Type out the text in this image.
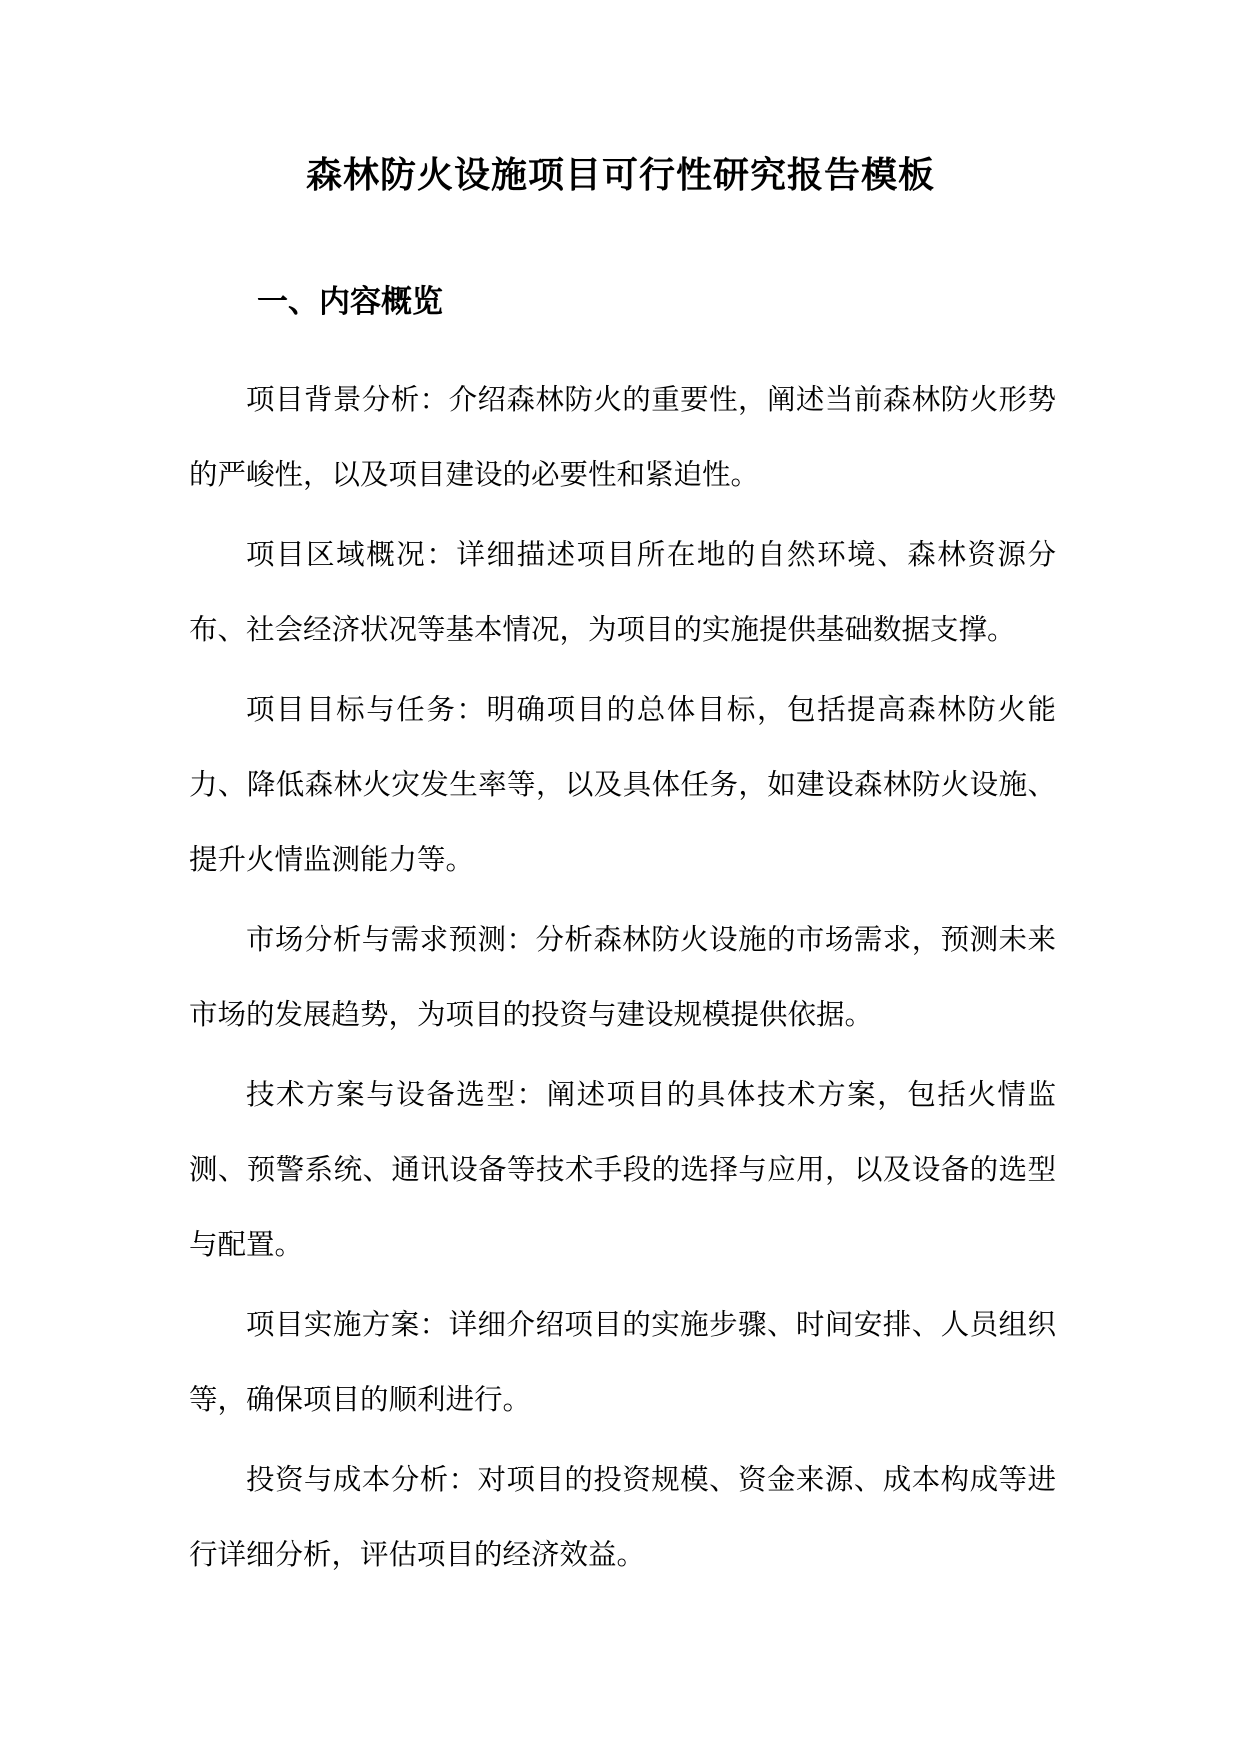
森林防火设施项目可行性研究报告模板
一、内容概览

项目背景分析：介绍森林防火的重要性，阐述当前森林防火形势的严峻性，以及项目建设的必要性和紧迫性。

项目区域概况：详细描述项目所在地的自然环境、森林资源分布、社会经济状况等基本情况，为项目的实施提供基础数据支撑。

项目目标与任务：明确项目的总体目标，包括提高森林防火能力、降低森林火灾发生率等，以及具体任务，如建设森林防火设施、提升火情监测能力等。

市场分析与需求预测：分析森林防火设施的市场需求，预测未来市场的发展趋势，为项目的投资与建设规模提供依据。

技术方案与设备选型：阐述项目的具体技术方案，包括火情监测、预警系统、通讯设备等技术手段的选择与应用，以及设备的选型与配置。

项目实施方案：详细介绍项目的实施步骤、时间安排、人员组织等，确保项目的顺利进行。

投资与成本分析：对项目的投资规模、资金来源、成本构成等进行详细分析，评估项目的经济效益。
